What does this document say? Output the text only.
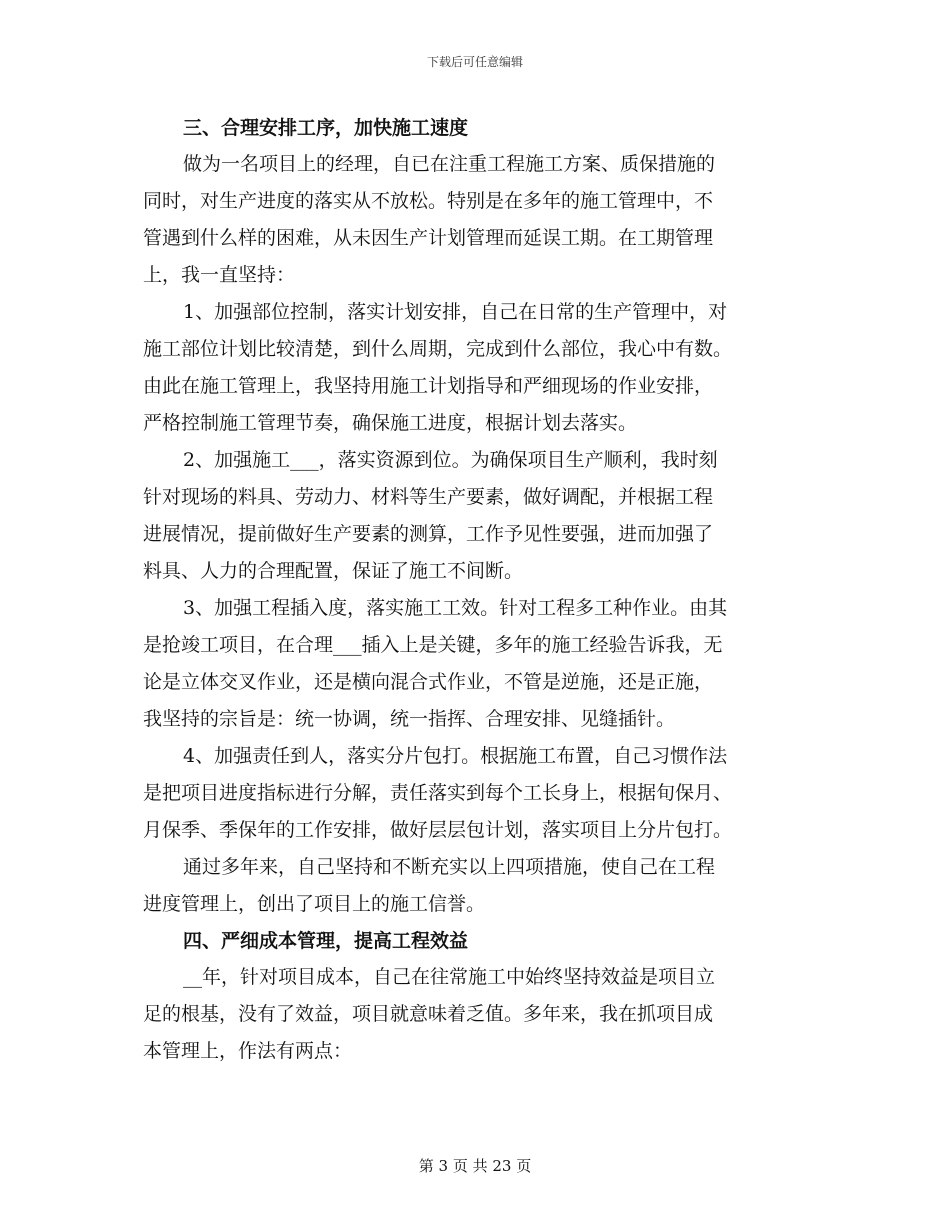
下载后可任意编辑
三、合理安排工序，加快施工速度

做为一名项目上的经理，自已在注重工程施工方案、质保措施的
同时，对生产进度的落实从不放松。特别是在多年的施工管理中，不
管遇到什么样的困难，从未因生产计划管理而延误工期。在工期管理
上，我一直坚持：

1、加强部位控制，落实计划安排，自己在日常的生产管理中，对
施工部位计划比较清楚，到什么周期，完成到什么部位，我心中有数。
由此在施工管理上，我坚持用施工计划指导和严细现场的作业安排，
严格控制施工管理节奏，确保施工进度，根据计划去落实。

2、加强施工___，落实资源到位。为确保项目生产顺利，我时刻
针对现场的料具、劳动力、材料等生产要素，做好调配，并根据工程
进展情况，提前做好生产要素的测算，工作予见性要强，进而加强了
料具、人力的合理配置，保证了施工不间断。

3、加强工程插入度，落实施工工效。针对工程多工种作业。由其
是抢竣工项目，在合理___插入上是关键，多年的施工经验告诉我，无
论是立体交叉作业，还是横向混合式作业，不管是逆施，还是正施，
我坚持的宗旨是：统一协调，统一指挥、合理安排、见缝插针。

4、加强责任到人，落实分片包打。根据施工布置，自己习惯作法
是把项目进度指标进行分解，责任落实到每个工长身上，根据旬保月、
月保季、季保年的工作安排，做好层层包计划，落实项目上分片包打。

通过多年来，自己坚持和不断充实以上四项措施，使自己在工程
进度管理上，创出了项目上的施工信誉。

四、严细成本管理，提高工程效益

__年，针对项目成本，自己在往常施工中始终坚持效益是项目立
足的根基，没有了效益，项目就意味着乏值。多年来，我在抓项目成
本管理上，作法有两点：

第 3 页 共 23 页
